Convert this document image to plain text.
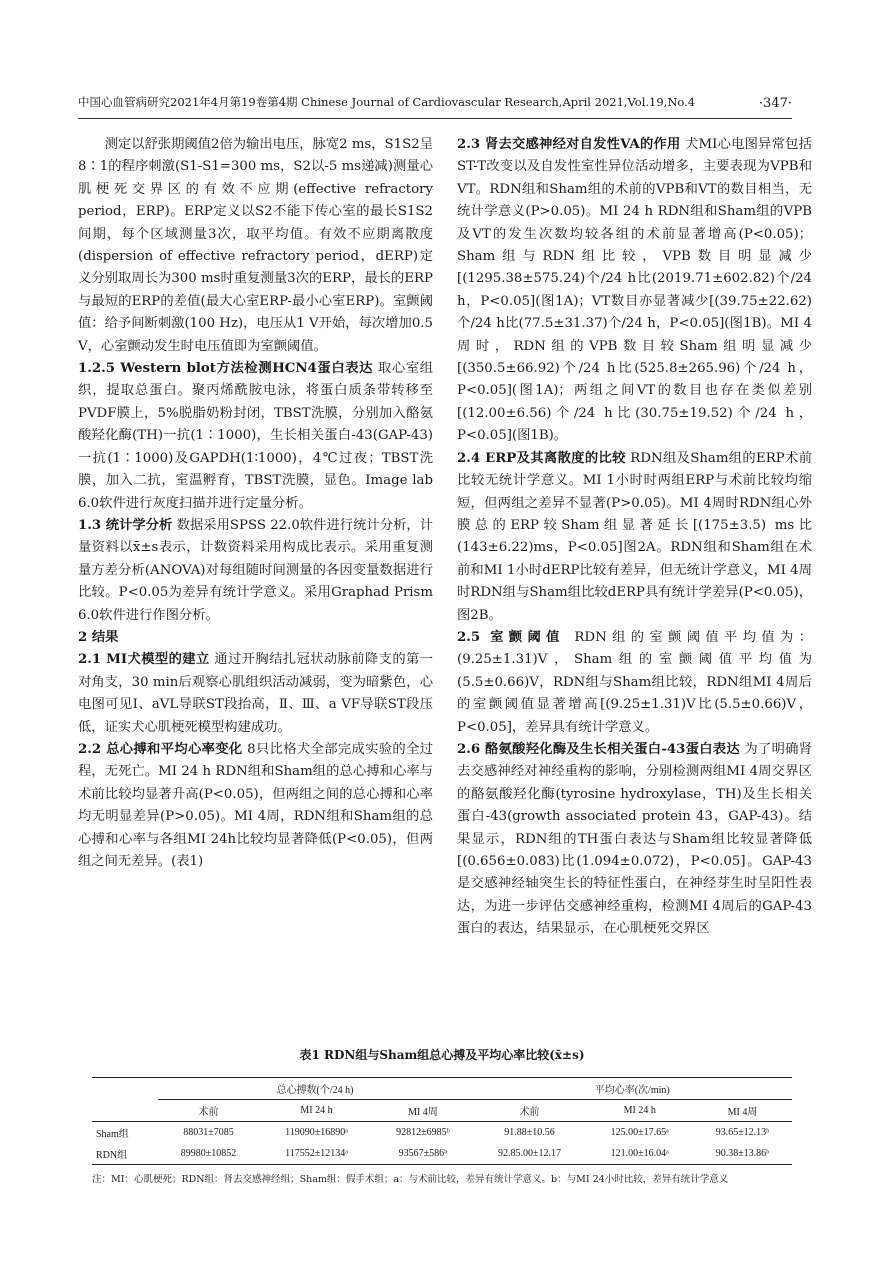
中国心血管病研究2021年4月第19卷第4期 Chinese Journal of Cardiovascular Research,April 2021,Vol.19,No.4	·347·

测定以舒张期阈值2倍为输出电压，脉宽2 ms，S1S2呈8∶1的程序刺激(S1-S1=300 ms，S2以-5 ms递减)测量心肌梗死交界区的有效不应期(effective refractory period，ERP)。ERP定义以S2不能下传心室的最长S1S2间期，每个区域测量3次，取平均值。有效不应期离散度(dispersion of effective refractory period，dERP)定义分别取周长为300 ms时重复测量3次的ERP，最长的ERP与最短的ERP的差值(最大心室ERP-最小心室ERP)。室颤阈值：给予间断刺激(100 Hz)，电压从1 V开始，每次增加0.5 V，心室颤动发生时电压值即为室颤阈值。

1.2.5 Western blot方法检测HCN4蛋白表达 取心室组织，提取总蛋白。聚丙烯酰胺电泳，将蛋白质条带转移至PVDF膜上，5%脱脂奶粉封闭，TBST洗膜，分别加入酪氨酸羟化酶(TH)一抗(1∶1000)，生长相关蛋白-43(GAP-43)一抗(1∶1000)及GAPDH(1∶1000)，4℃过夜；TBST洗膜，加入二抗，室温孵育，TBST洗膜，显色。Image lab 6.0软件进行灰度扫描并进行定量分析。

1.3 统计学分析 数据采用SPSS 22.0软件进行统计分析，计量资料以x̄±s表示，计数资料采用构成比表示。采用重复测量方差分析(ANOVA)对每组随时间测量的各因变量数据进行比较。P<0.05为差异有统计学意义。采用Graphad Prism 6.0软件进行作图分析。

2 结果

2.1 MI犬模型的建立 通过开胸结扎冠状动脉前降支的第一对角支，30 min后观察心肌组织活动减弱，变为暗紫色，心电图可见Ⅰ、aVL导联ST段抬高，Ⅱ、Ⅲ、a VF导联ST段压低，证实犬心肌梗死模型构建成功。

2.2 总心搏和平均心率变化 8只比格犬全部完成实验的全过程，无死亡。MI 24 h RDN组和Sham组的总心搏和心率与术前比较均显著升高(P<0.05)，但两组之间的总心搏和心率均无明显差异(P>0.05)。MI 4周，RDN组和Sham组的总心搏和心率与各组MI 24h比较均显著降低(P<0.05)，但两组之间无差异。(表1)

2.3 肾去交感神经对自发性VA的作用 犬MI心电图异常包括ST-T改变以及自发性室性异位活动增多，主要表现为VPB和VT。RDN组和Sham组的术前的VPB和VT的数目相当，无统计学意义(P>0.05)。MI 24 h RDN组和Sham组的VPB及VT的发生次数均较各组的术前显著增高(P<0.05)；Sham组与RDN组比较，VPB数目明显减少[(1295.38±575.24)个/24 h比(2019.71±602.82)个/24 h，P<0.05](图1A)；VT数目亦显著减少[(39.75±22.62)个/24 h比(77.5±31.37)个/24 h，P<0.05](图1B)。MI 4周时，RDN组的VPB数目较Sham组明显减少[(350.5±66.92)个/24 h比(525.8±265.96)个/24 h，P<0.05](图1A)；两组之间VT的数目也存在类似差别[(12.00±6.56)个/24 h比(30.75±19.52)个/24 h，P<0.05](图1B)。

2.4 ERP及其离散度的比较 RDN组及Sham组的ERP术前比较无统计学意义。MI 1小时时两组ERP与术前比较均缩短，但两组之差异不显著(P>0.05)。MI 4周时RDN组心外膜总的ERP较Sham组显著延长[(175±3.5) ms比(143±6.22)ms，P<0.05]图2A。RDN组和Sham组在术前和MI 1小时dERP比较有差异，但无统计学意义，MI 4周时RDN组与Sham组比较dERP具有统计学差异(P<0.05)，图2B。

2.5 室颤阈值 RDN组的室颤阈值平均值为：(9.25±1.31)V，Sham组的室颤阈值平均值为(5.5±0.66)V，RDN组与Sham组比较，RDN组MI 4周后的室颤阈值显著增高[(9.25±1.31)V比(5.5±0.66)V，P<0.05]，差异具有统计学意义。

2.6 酪氨酸羟化酶及生长相关蛋白-43蛋白表达 为了明确肾去交感神经对神经重构的影响，分别检测两组MI 4周交界区的酪氨酸羟化酶(tyrosine hydroxylase，TH)及生长相关蛋白-43(growth associated protein 43，GAP-43)。结果显示，RDN组的TH蛋白表达与Sham组比较显著降低[(0.656±0.083)比(1.094±0.072)，P<0.05]。GAP-43是交感神经轴突生长的特征性蛋白，在神经芽生时呈阳性表达，为进一步评估交感神经重构，检测MI 4周后的GAP-43蛋白的表达，结果显示，在心肌梗死交界区

表1 RDN组与Sham组总心搏及平均心率比较(x̄±s)
	总心搏数(个/24 h)			平均心率(次/min)		
	术前	MI 24 h	MI 4周	术前	MI 24 h	MI 4周
Sham组	88031±7085	119090±16890ᵃ	92812±6985ᵇ	91.88±10.56	125.00±17.65ᵃ	93.65±12.13ᵇ
RDN组	89980±10852	117552±12134ᵃ	93567±586ᵇ	92.85.00±12.17	121.00±16.04ᵃ	90.38±13.86ᵇ
注：MI：心肌梗死；RDN组：肾去交感神经组；Sham组：假手术组；a：与术前比较，差异有统计学意义。b：与MI 24小时比较，差异有统计学意义
